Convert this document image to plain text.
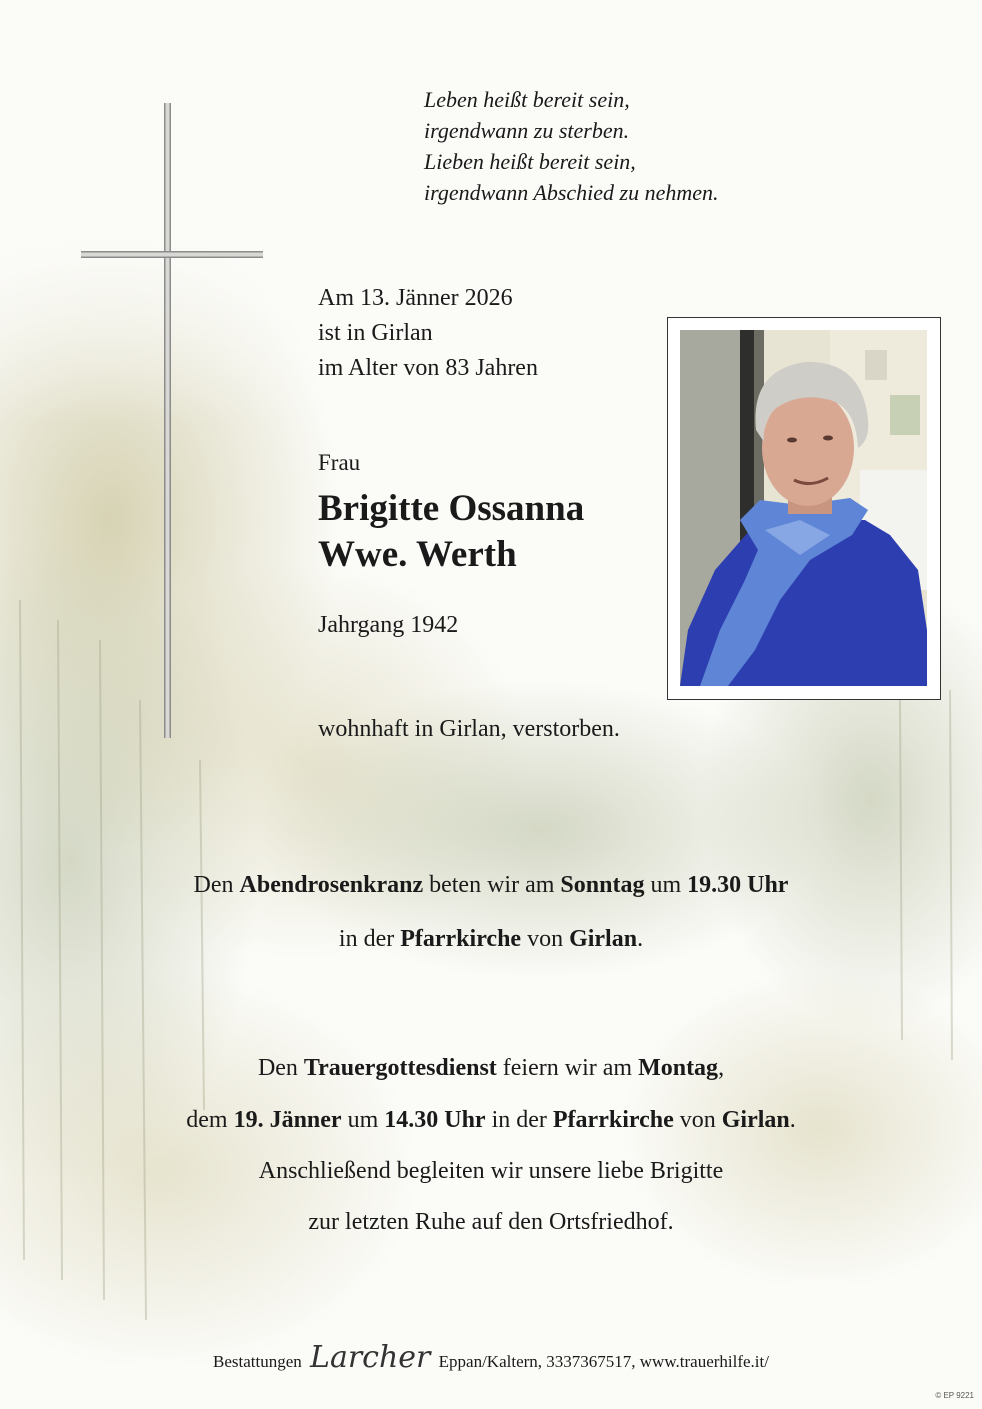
Leben heißt bereit sein,
irgendwann zu sterben.
Lieben heißt bereit sein,
irgendwann Abschied zu nehmen.
Am 13. Jänner 2026
ist in Girlan
im Alter von 83 Jahren
Frau
Brigitte Ossanna
Wwe. Werth
Jahrgang 1942
wohnhaft in Girlan, verstorben.
Den Abendrosenkranz beten wir am Sonntag um 19.30 Uhr
in der Pfarrkirche von Girlan.
Den Trauergottesdienst feiern wir am Montag,
dem 19. Jänner um 14.30 Uhr in der Pfarrkirche von Girlan.
Anschließend begleiten wir unsere liebe Brigitte
zur letzten Ruhe auf den Ortsfriedhof.
Bestattungen Larcher Eppan/Kaltern, 3337367517, www.trauerhilfe.it/
© EP 9221
